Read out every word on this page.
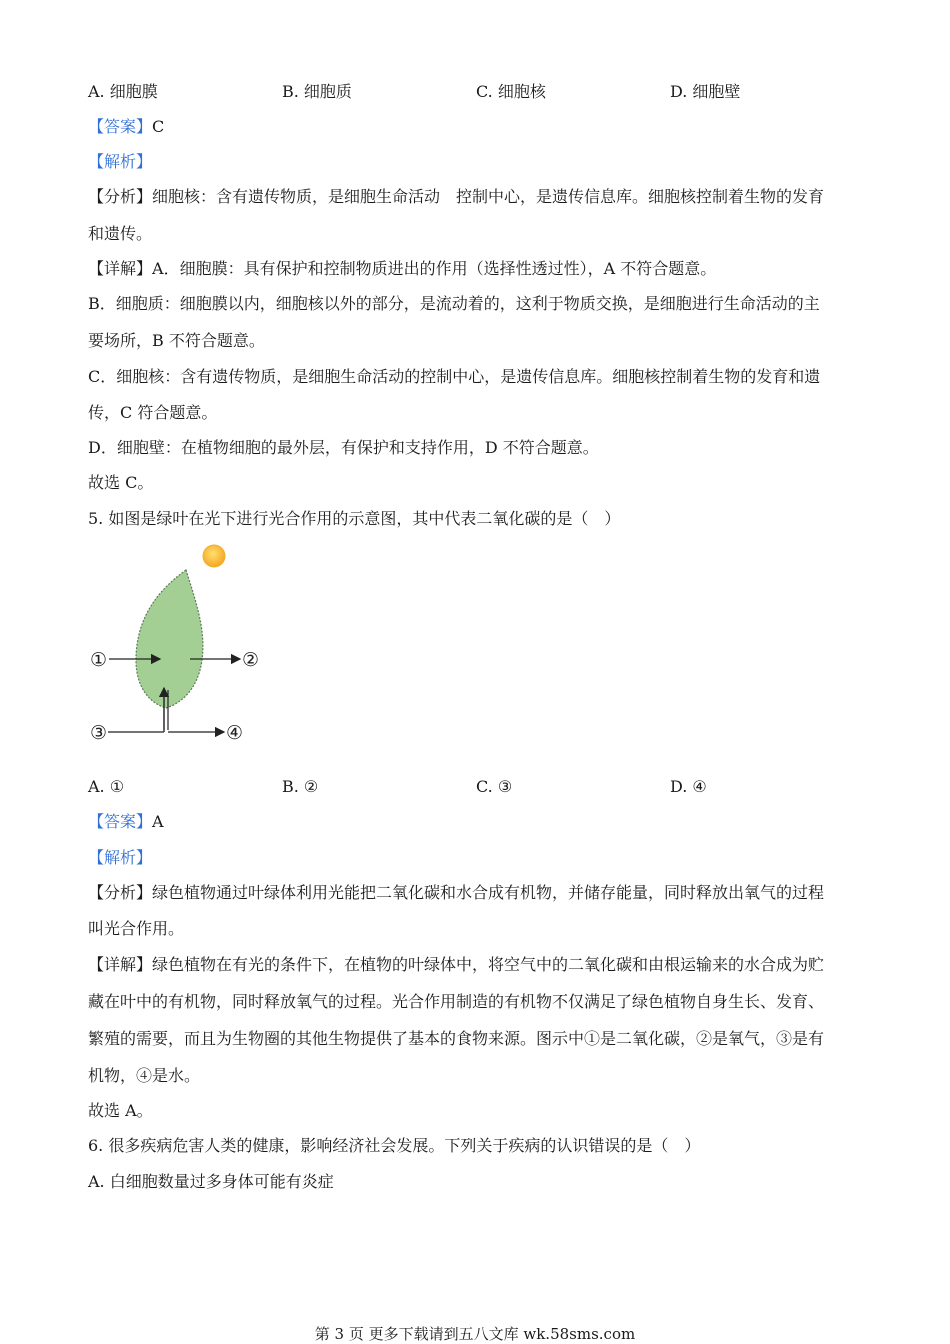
A. 细胞膜	B. 细胞质	C. 细胞核	D. 细胞壁
【答案】C
【解析】
【分析】细胞核：含有遗传物质，是细胞生命活动　控制中心，是遗传信息库。细胞核控制着生物的发育
和遗传。
【详解】A．细胞膜：具有保护和控制物质进出的作用（选择性透过性），A 不符合题意。
B．细胞质：细胞膜以内，细胞核以外的部分，是流动着的，这利于物质交换，是细胞进行生命活动的主
要场所，B 不符合题意。
C．细胞核：含有遗传物质，是细胞生命活动的控制中心，是遗传信息库。细胞核控制着生物的发育和遗
传，C 符合题意。
D．细胞壁：在植物细胞的最外层，有保护和支持作用，D 不符合题意。
故选 C。
5. 如图是绿叶在光下进行光合作用的示意图，其中代表二氧化碳的是（　）
①	②
③	④
A. ①	B. ②	C. ③	D. ④
【答案】A
【解析】
【分析】绿色植物通过叶绿体利用光能把二氧化碳和水合成有机物，并储存能量，同时释放出氧气的过程
叫光合作用。
【详解】绿色植物在有光的条件下，在植物的叶绿体中，将空气中的二氧化碳和由根运输来的水合成为贮
藏在叶中的有机物，同时释放氧气的过程。光合作用制造的有机物不仅满足了绿色植物自身生长、发育、
繁殖的需要，而且为生物圈的其他生物提供了基本的食物来源。图示中①是二氧化碳，②是氧气，③是有
机物，④是水。
故选 A。
6. 很多疾病危害人类的健康，影响经济社会发展。下列关于疾病的认识错误的是（　）
A. 白细胞数量过多身体可能有炎症
第 3 页 更多下载请到五八文库 wk.58sms.com
